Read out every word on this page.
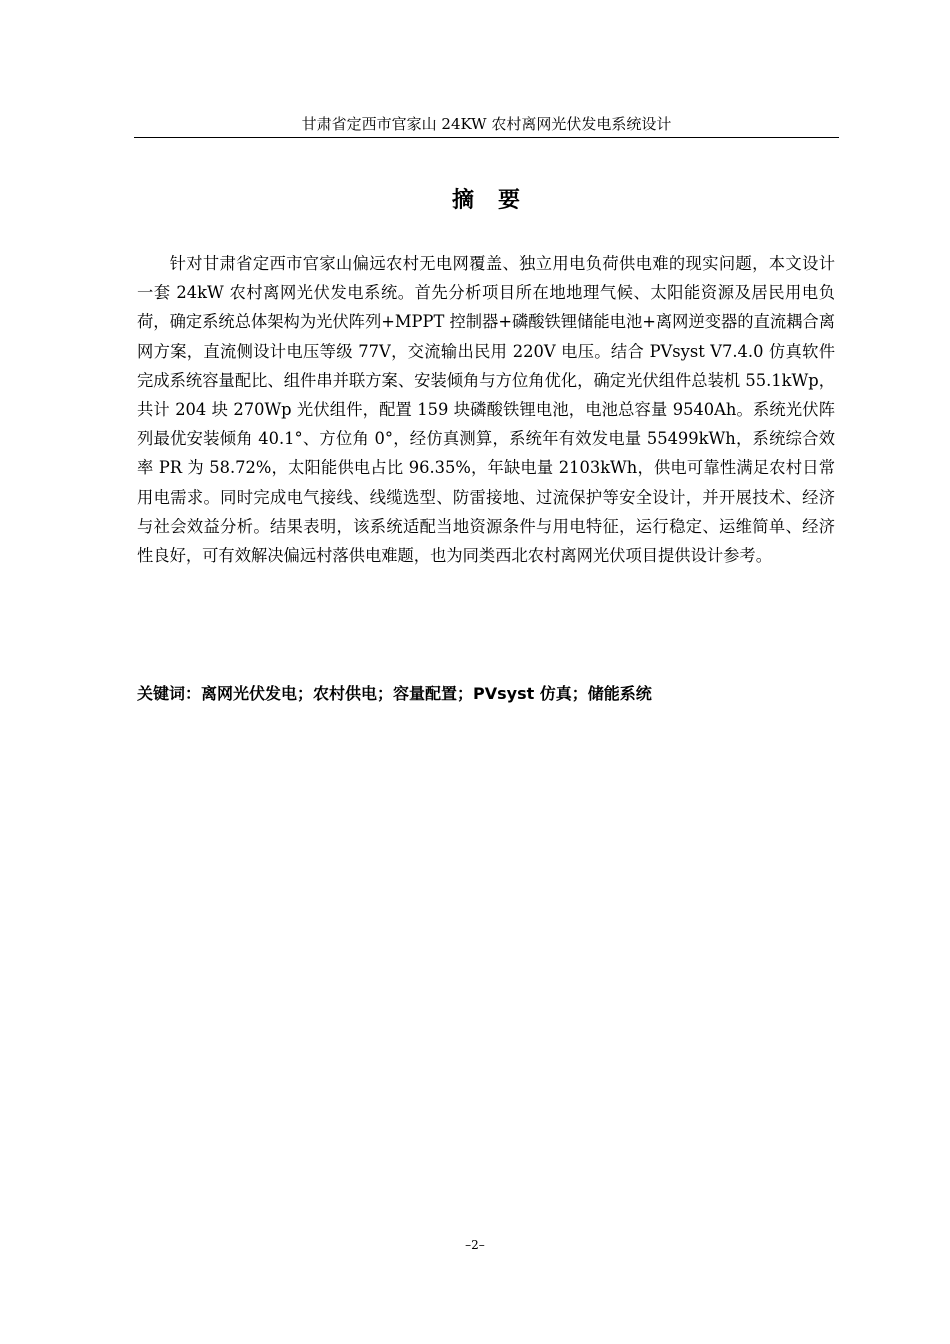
甘肃省定西市官家山 24KW 农村离网光伏发电系统设计
摘　要

针对甘肃省定西市官家山偏远农村无电网覆盖、独立用电负荷供电难的现实问题，本文设计一套 24kW 农村离网光伏发电系统。首先分析项目所在地地理气候、太阳能资源及居民用电负荷，确定系统总体架构为光伏阵列+MPPT 控制器+磷酸铁锂储能电池+离网逆变器的直流耦合离网方案，直流侧设计电压等级 77V，交流输出民用 220V 电压。结合 PVsyst V7.4.0 仿真软件完成系统容量配比、组件串并联方案、安装倾角与方位角优化，确定光伏组件总装机 55.1kWp，共计 204 块 270Wp 光伏组件，配置 159 块磷酸铁锂电池，电池总容量 9540Ah。系统光伏阵列最优安装倾角 40.1°、方位角 0°，经仿真测算，系统年有效发电量 55499kWh，系统综合效率 PR 为 58.72%，太阳能供电占比 96.35%，年缺电量 2103kWh，供电可靠性满足农村日常用电需求。同时完成电气接线、线缆选型、防雷接地、过流保护等安全设计，并开展技术、经济与社会效益分析。结果表明，该系统适配当地资源条件与用电特征，运行稳定、运维简单、经济性良好，可有效解决偏远村落供电难题，也为同类西北农村离网光伏项目提供设计参考。

关键词：离网光伏发电；农村供电；容量配置；PVsyst 仿真；储能系统

–2–
